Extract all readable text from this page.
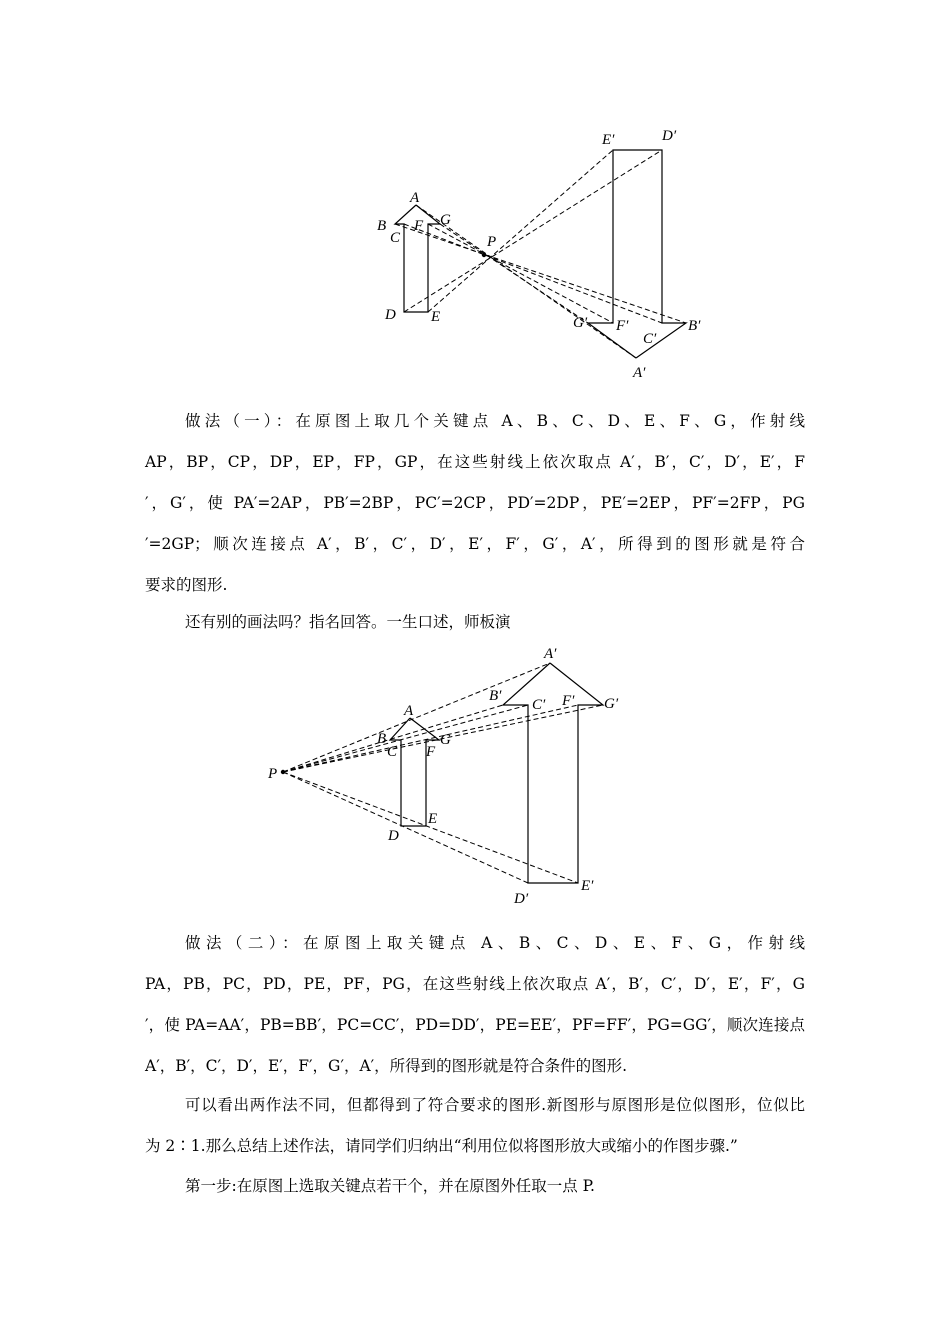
A
B
C
F G
P
D E
E′	D′
G′ F′
C′
B′
A′
做法（一）：在原图上取几个关键点 A、B、C、D、E、F、G，作射线
AP，BP，CP，DP，EP，FP，GP，在这些射线上依次取点 A′，B′，C′，D′，E′，F
′，G′，使 PA′=2AP，PB′=2BP，PC′=2CP，PD′=2DP，PE′=2EP，PF′=2FP，PG
′=2GP；顺次连接点 A′，B′，C′，D′，E′，F′，G′，A′，所得到的图形就是符合
要求的图形.
还有别的画法吗？指名回答。一生口述，师板演
A
B
C F
G
P
D
E
A′
B′
C′ F′ G′
D′
E′
做法（二）：在原图上取关键点 A、B、C、D、E、F、G，作射线
PA，PB，PC，PD，PE，PF，PG，在这些射线上依次取点 A′，B′，C′，D′，E′，F′，G
′，使 PA=AA′，PB=BB′，PC=CC′，PD=DD′，PE=EE′，PF=FF′，PG=GG′，顺次连接点
A′，B′，C′，D′，E′，F′，G′，A′，所得到的图形就是符合条件的图形.
可以看出两作法不同，但都得到了符合要求的图形.新图形与原图形是位似图形，位似比
为 2∶1.那么总结上述作法，请同学们归纳出“利用位似将图形放大或缩小的作图步骤.”
第一步:在原图上选取关键点若干个，并在原图外任取一点 P.
